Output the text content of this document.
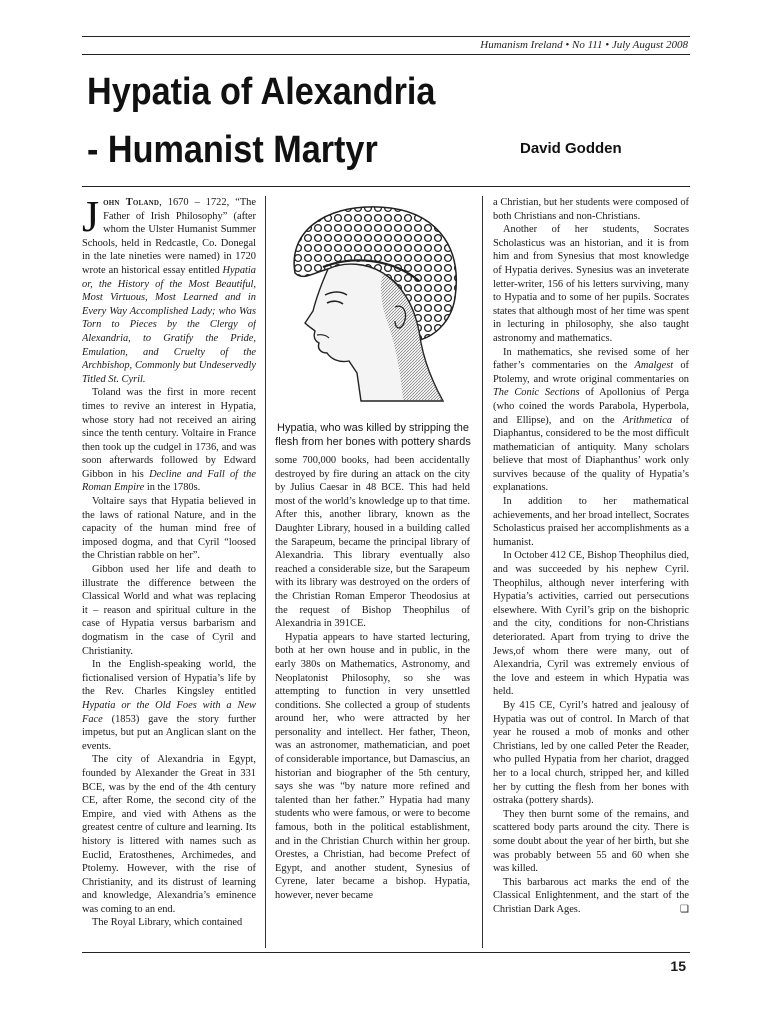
Humanism Ireland • No 111 • July August 2008
Hypatia of Alexandria
- Humanist Martyr	David Godden

John Toland, 1670 – 1722, “The Father of Irish Philosophy” (after whom the Ulster Humanist Summer Schools, held in Redcastle, Co. Donegal in the late nineties were named) in 1720 wrote an historical essay entitled Hypatia or, the History of the Most Beautiful, Most Virtuous, Most Learned and in Every Way Accomplished Lady; who Was Torn to Pieces by the Clergy of Alexandria, to Gratify the Pride, Emulation, and Cruelty of the Archbishop, Commonly but Undeservedly Titled St. Cyril.

Toland was the first in more recent times to revive an interest in Hypatia, whose story had not received an airing since the tenth century. Voltaire in France then took up the cudgel in 1736, and was soon afterwards followed by Edward Gibbon in his Decline and Fall of the Roman Empire in the 1780s.

Voltaire says that Hypatia believed in the laws of rational Nature, and in the capacity of the human mind free of imposed dogma, and that Cyril “loosed the Christian rabble on her”.

Gibbon used her life and death to illustrate the difference between the Classical World and what was replacing it – reason and spiritual culture in the case of Hypatia versus barbarism and dogmatism in the case of Cyril and Christianity.

In the English-speaking world, the fictionalised version of Hypatia’s life by the Rev. Charles Kingsley entitled Hypatia or the Old Foes with a New Face (1853) gave the story further impetus, but put an Anglican slant on the events.

The city of Alexandria in Egypt, founded by Alexander the Great in 331 BCE, was by the end of the 4th century CE, after Rome, the second city of the Empire, and vied with Athens as the greatest centre of culture and learning. Its history is littered with names such as Euclid, Eratosthenes, Archimedes, and Ptolemy. However, with the rise of Christianity, and its distrust of learning and knowledge, Alexandria’s eminence was coming to an end.

The Royal Library, which contained

Hypatia, who was killed by stripping the flesh from her bones with pottery shards

some 700,000 books, had been accidentally destroyed by fire during an attack on the city by Julius Caesar in 48 BCE. This had held most of the world’s knowledge up to that time. After this, another library, known as the Daughter Library, housed in a building called the Sarapeum, became the principal library of Alexandria. This library eventually also reached a considerable size, but the Sarapeum with its library was destroyed on the orders of the Christian Roman Emperor Theodosius at the request of Bishop Theophilus of Alexandria in 391CE.

Hypatia appears to have started lecturing, both at her own house and in public, in the early 380s on Mathematics, Astronomy, and Neoplatonist Philosophy, so she was attempting to function in very unsettled conditions. She collected a group of students around her, who were attracted by her personality and intellect. Her father, Theon, was an astronomer, mathematician, and poet of considerable importance, but Damascius, an historian and biographer of the 5th century, says she was “by nature more refined and talented than her father.” Hypatia had many students who were famous, or were to become famous, both in the political establishment, and in the Christian Church within her group. Orestes, a Christian, had become Prefect of Egypt, and another student, Synesius of Cyrene, later became a bishop. Hypatia, however, never became

a Christian, but her students were composed of both Christians and non-Christians.

Another of her students, Socrates Scholasticus was an historian, and it is from him and from Synesius that most knowledge of Hypatia derives. Synesius was an inveterate letter-writer, 156 of his letters surviving, many to Hypatia and to some of her pupils. Socrates states that although most of her time was spent in lecturing in philosophy, she also taught astronomy and mathematics.

In mathematics, she revised some of her father’s commentaries on the Amalgest of Ptolemy, and wrote original commentaries on The Conic Sections of Apollonius of Perga (who coined the words Parabola, Hyperbola, and Ellipse), and on the Arithmetica of Diaphantus, considered to be the most difficult mathematician of antiquity. Many scholars believe that most of Diaphanthus’ work only survives because of the quality of Hypatia’s explanations.

In addition to her mathematical achievements, and her broad intellect, Socrates Scholasticus praised her accomplishments as a humanist.

In October 412 CE, Bishop Theophilus died, and was succeeded by his nephew Cyril. Theophilus, although never interfering with Hypatia’s activities, carried out persecutions elsewhere. With Cyril’s grip on the bishopric and the city, conditions for non-Christians deteriorated. Apart from trying to drive the Jews,of whom there were many, out of Alexandria, Cyril was extremely envious of the love and esteem in which Hypatia was held.

By 415 CE, Cyril’s hatred and jealousy of Hypatia was out of control. In March of that year he roused a mob of monks and other Christians, led by one called Peter the Reader, who pulled Hypatia from her chariot, dragged her to a local church, stripped her, and killed her by cutting the flesh from her bones with ostraka (pottery shards).

They then burnt some of the remains, and scattered body parts around the city. There is some doubt about the year of her birth, but she was probably between 55 and 60 when she was killed.

This barbarous act marks the end of the Classical Enlightenment, and the start of the Christian Dark Ages.	❑

15
